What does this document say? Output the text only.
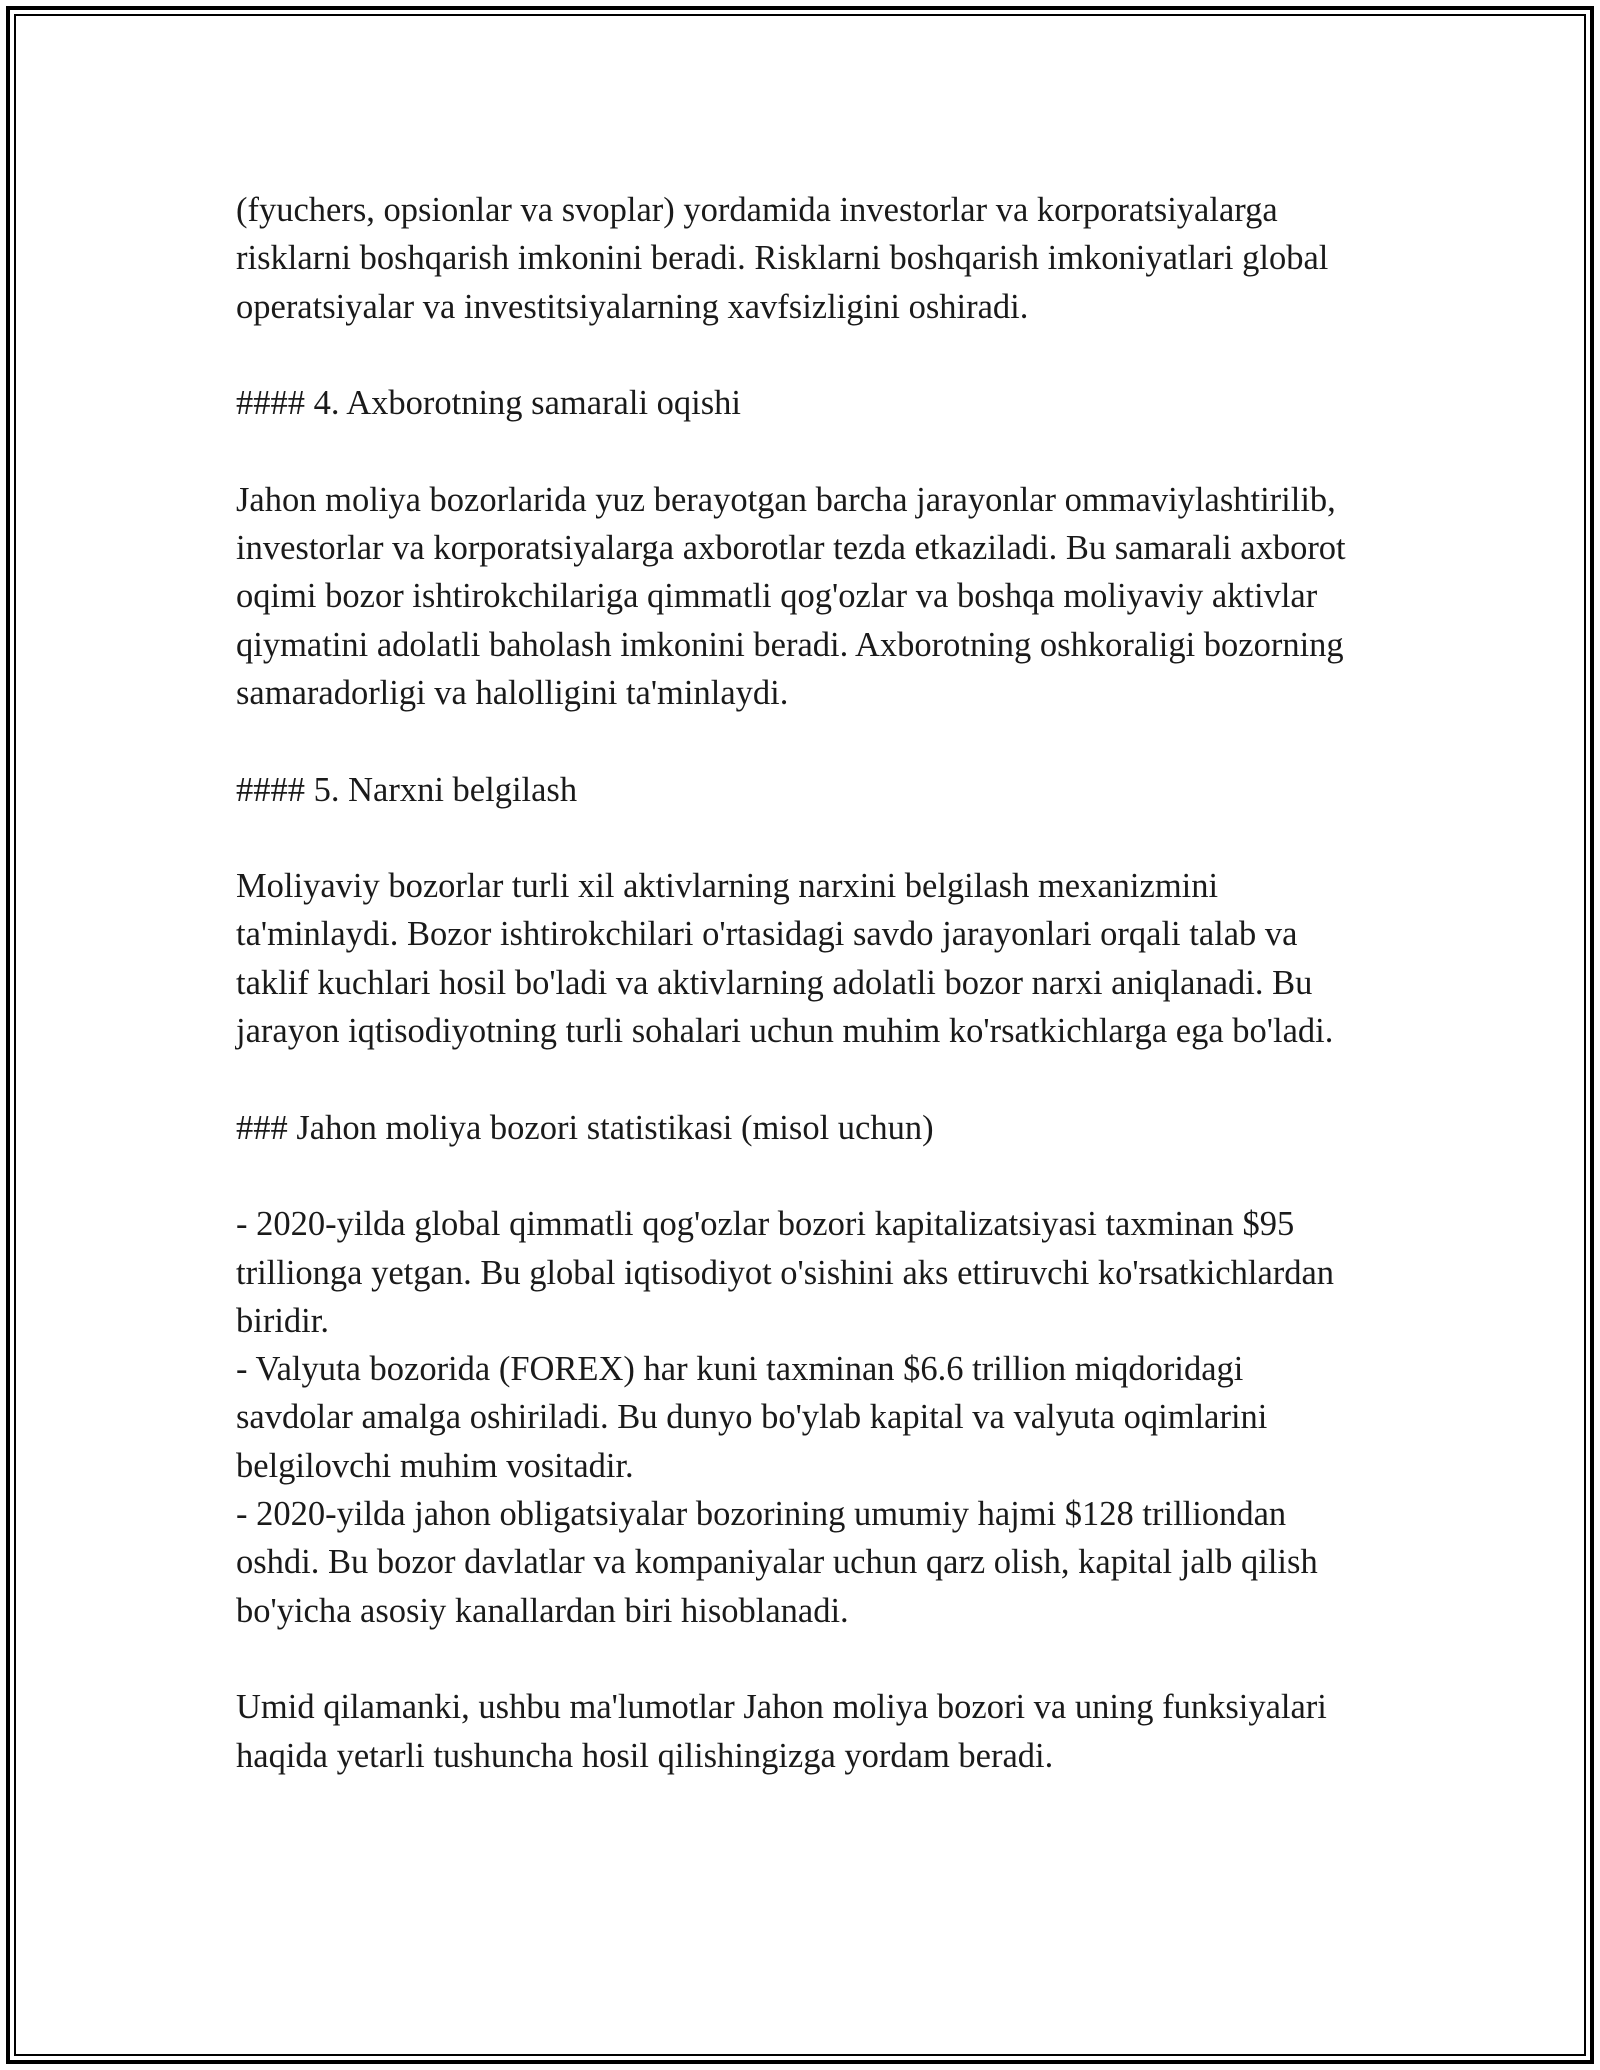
(fyuchers, opsionlar va svoplar) yordamida investorlar va korporatsiyalarga risklarni boshqarish imkonini beradi. Risklarni boshqarish imkoniyatlari global operatsiyalar va investitsiyalarning xavfsizligini oshiradi.

#### 4. Axborotning samarali oqishi

Jahon moliya bozorlarida yuz berayotgan barcha jarayonlar ommaviylashtirilib, investorlar va korporatsiyalarga axborotlar tezda etkaziladi. Bu samarali axborot oqimi bozor ishtirokchilariga qimmatli qog'ozlar va boshqa moliyaviy aktivlar qiymatini adolatli baholash imkonini beradi. Axborotning oshkoraligi bozorning samaradorligi va halolligini ta'minlaydi.

#### 5. Narxni belgilash

Moliyaviy bozorlar turli xil aktivlarning narxini belgilash mexanizmini ta'minlaydi. Bozor ishtirokchilari o'rtasidagi savdo jarayonlari orqali talab va taklif kuchlari hosil bo'ladi va aktivlarning adolatli bozor narxi aniqlanadi. Bu jarayon iqtisodiyotning turli sohalari uchun muhim ko'rsatkichlarga ega bo'ladi.

### Jahon moliya bozori statistikasi (misol uchun)

- 2020-yilda global qimmatli qog'ozlar bozori kapitalizatsiyasi taxminan $95 trillionga yetgan. Bu global iqtisodiyot o'sishini aks ettiruvchi ko'rsatkichlardan biridir.
- Valyuta bozorida (FOREX) har kuni taxminan $6.6 trillion miqdoridagi savdolar amalga oshiriladi. Bu dunyo bo'ylab kapital va valyuta oqimlarini belgilovchi muhim vositadir.
- 2020-yilda jahon obligatsiyalar bozorining umumiy hajmi $128 trilliondan oshdi. Bu bozor davlatlar va kompaniyalar uchun qarz olish, kapital jalb qilish bo'yicha asosiy kanallardan biri hisoblanadi.

Umid qilamanki, ushbu ma'lumotlar Jahon moliya bozori va uning funksiyalari haqida yetarli tushuncha hosil qilishingizga yordam beradi.
